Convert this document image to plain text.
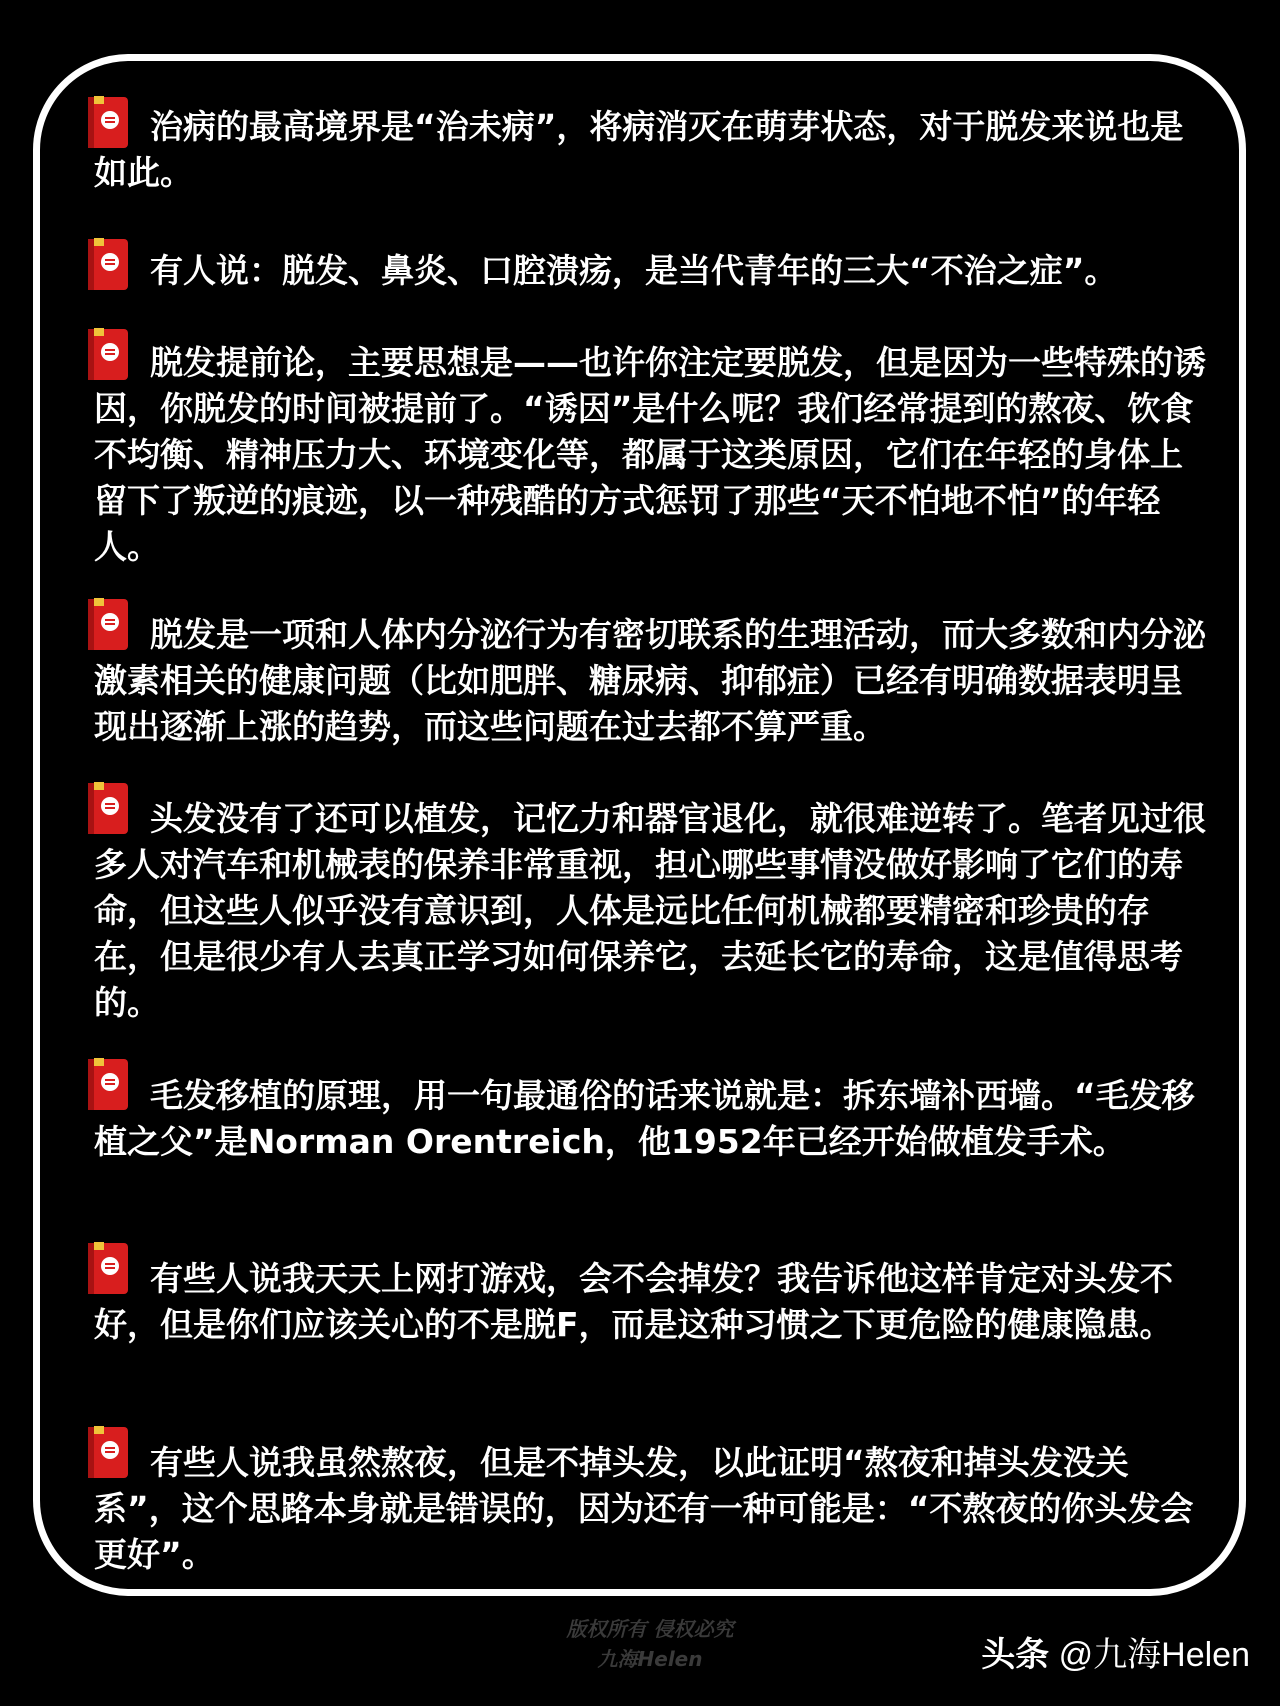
治病的最高境界是“治未病”，将病消灭在萌芽状态，对于脱发来说也是如此。

有人说：脱发、鼻炎、口腔溃疡，是当代青年的三大“不治之症”。

脱发提前论，主要思想是——也许你注定要脱发，但是因为一些特殊的诱因，你脱发的时间被提前了。“诱因”是什么呢？我们经常提到的熬夜、饮食不均衡、精神压力大、环境变化等，都属于这类原因，它们在年轻的身体上留下了叛逆的痕迹，以一种残酷的方式惩罚了那些“天不怕地不怕”的年轻人。

脱发是一项和人体内分泌行为有密切联系的生理活动，而大多数和内分泌激素相关的健康问题（比如肥胖、糖尿病、抑郁症）已经有明确数据表明呈现出逐渐上涨的趋势，而这些问题在过去都不算严重。

头发没有了还可以植发，记忆力和器官退化，就很难逆转了。笔者见过很多人对汽车和机械表的保养非常重视，担心哪些事情没做好影响了它们的寿命，但这些人似乎没有意识到，人体是远比任何机械都要精密和珍贵的存在，但是很少有人去真正学习如何保养它，去延长它的寿命，这是值得思考的。

毛发移植的原理，用一句最通俗的话来说就是：拆东墙补西墙。“毛发移植之父”是Norman Orentreich，他1952年已经开始做植发手术。

有些人说我天天上网打游戏，会不会掉发？我告诉他这样肯定对头发不好，但是你们应该关心的不是脱F，而是这种习惯之下更危险的健康隐患。

有些人说我虽然熬夜，但是不掉头发，以此证明“熬夜和掉头发没关系”，这个思路本身就是错误的，因为还有一种可能是：“不熬夜的你头发会更好”。

版权所有 侵权必究
九海Helen	头条 @九海Helen
